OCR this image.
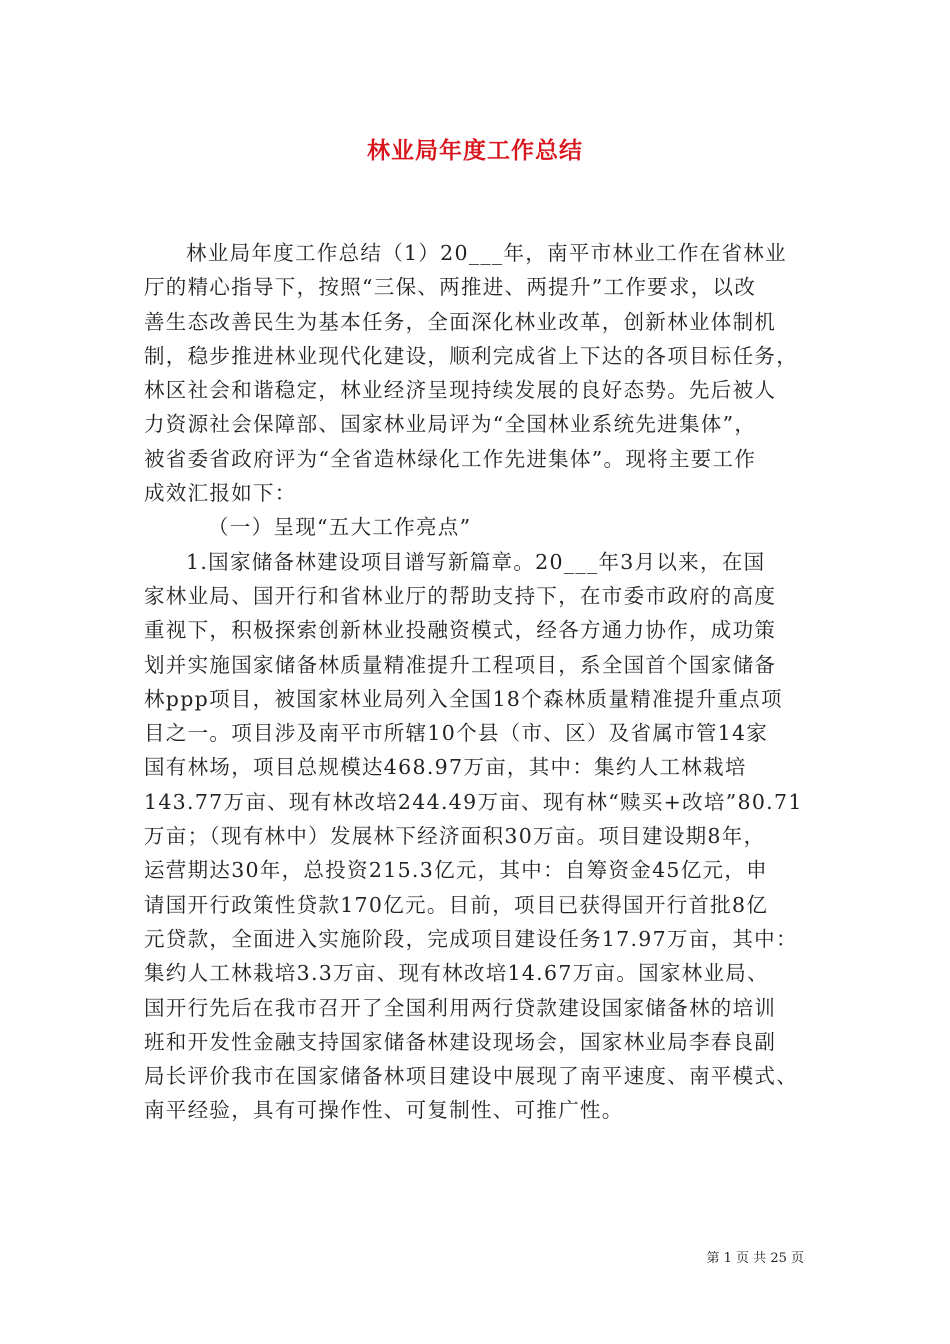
林业局年度工作总结
林业局年度工作总结（1）20___年，南平市林业工作在省林业
厅的精心指导下，按照“三保、两推进、两提升”工作要求，以改
善生态改善民生为基本任务，全面深化林业改革，创新林业体制机
制，稳步推进林业现代化建设，顺利完成省上下达的各项目标任务，
林区社会和谐稳定，林业经济呈现持续发展的良好态势。先后被人
力资源社会保障部、国家林业局评为“全国林业系统先进集体”，
被省委省政府评为“全省造林绿化工作先进集体”。现将主要工作
成效汇报如下：
（一）呈现“五大工作亮点”
1.国家储备林建设项目谱写新篇章。20___年3月以来，在国
家林业局、国开行和省林业厅的帮助支持下，在市委市政府的高度
重视下，积极探索创新林业投融资模式，经各方通力协作，成功策
划并实施国家储备林质量精准提升工程项目，系全国首个国家储备
林ppp项目，被国家林业局列入全国18个森林质量精准提升重点项
目之一。项目涉及南平市所辖10个县（市、区）及省属市管14家
国有林场，项目总规模达468.97万亩，其中：集约人工林栽培
143.77万亩、现有林改培244.49万亩、现有林“赎买+改培”80.71
万亩；（现有林中）发展林下经济面积30万亩。项目建设期8年，
运营期达30年，总投资215.3亿元，其中：自筹资金45亿元，申
请国开行政策性贷款170亿元。目前，项目已获得国开行首批8亿
元贷款，全面进入实施阶段，完成项目建设任务17.97万亩，其中：
集约人工林栽培3.3万亩、现有林改培14.67万亩。国家林业局、
国开行先后在我市召开了全国利用两行贷款建设国家储备林的培训
班和开发性金融支持国家储备林建设现场会，国家林业局李春良副
局长评价我市在国家储备林项目建设中展现了南平速度、南平模式、
南平经验，具有可操作性、可复制性、可推广性。
第 1 页 共 25 页
